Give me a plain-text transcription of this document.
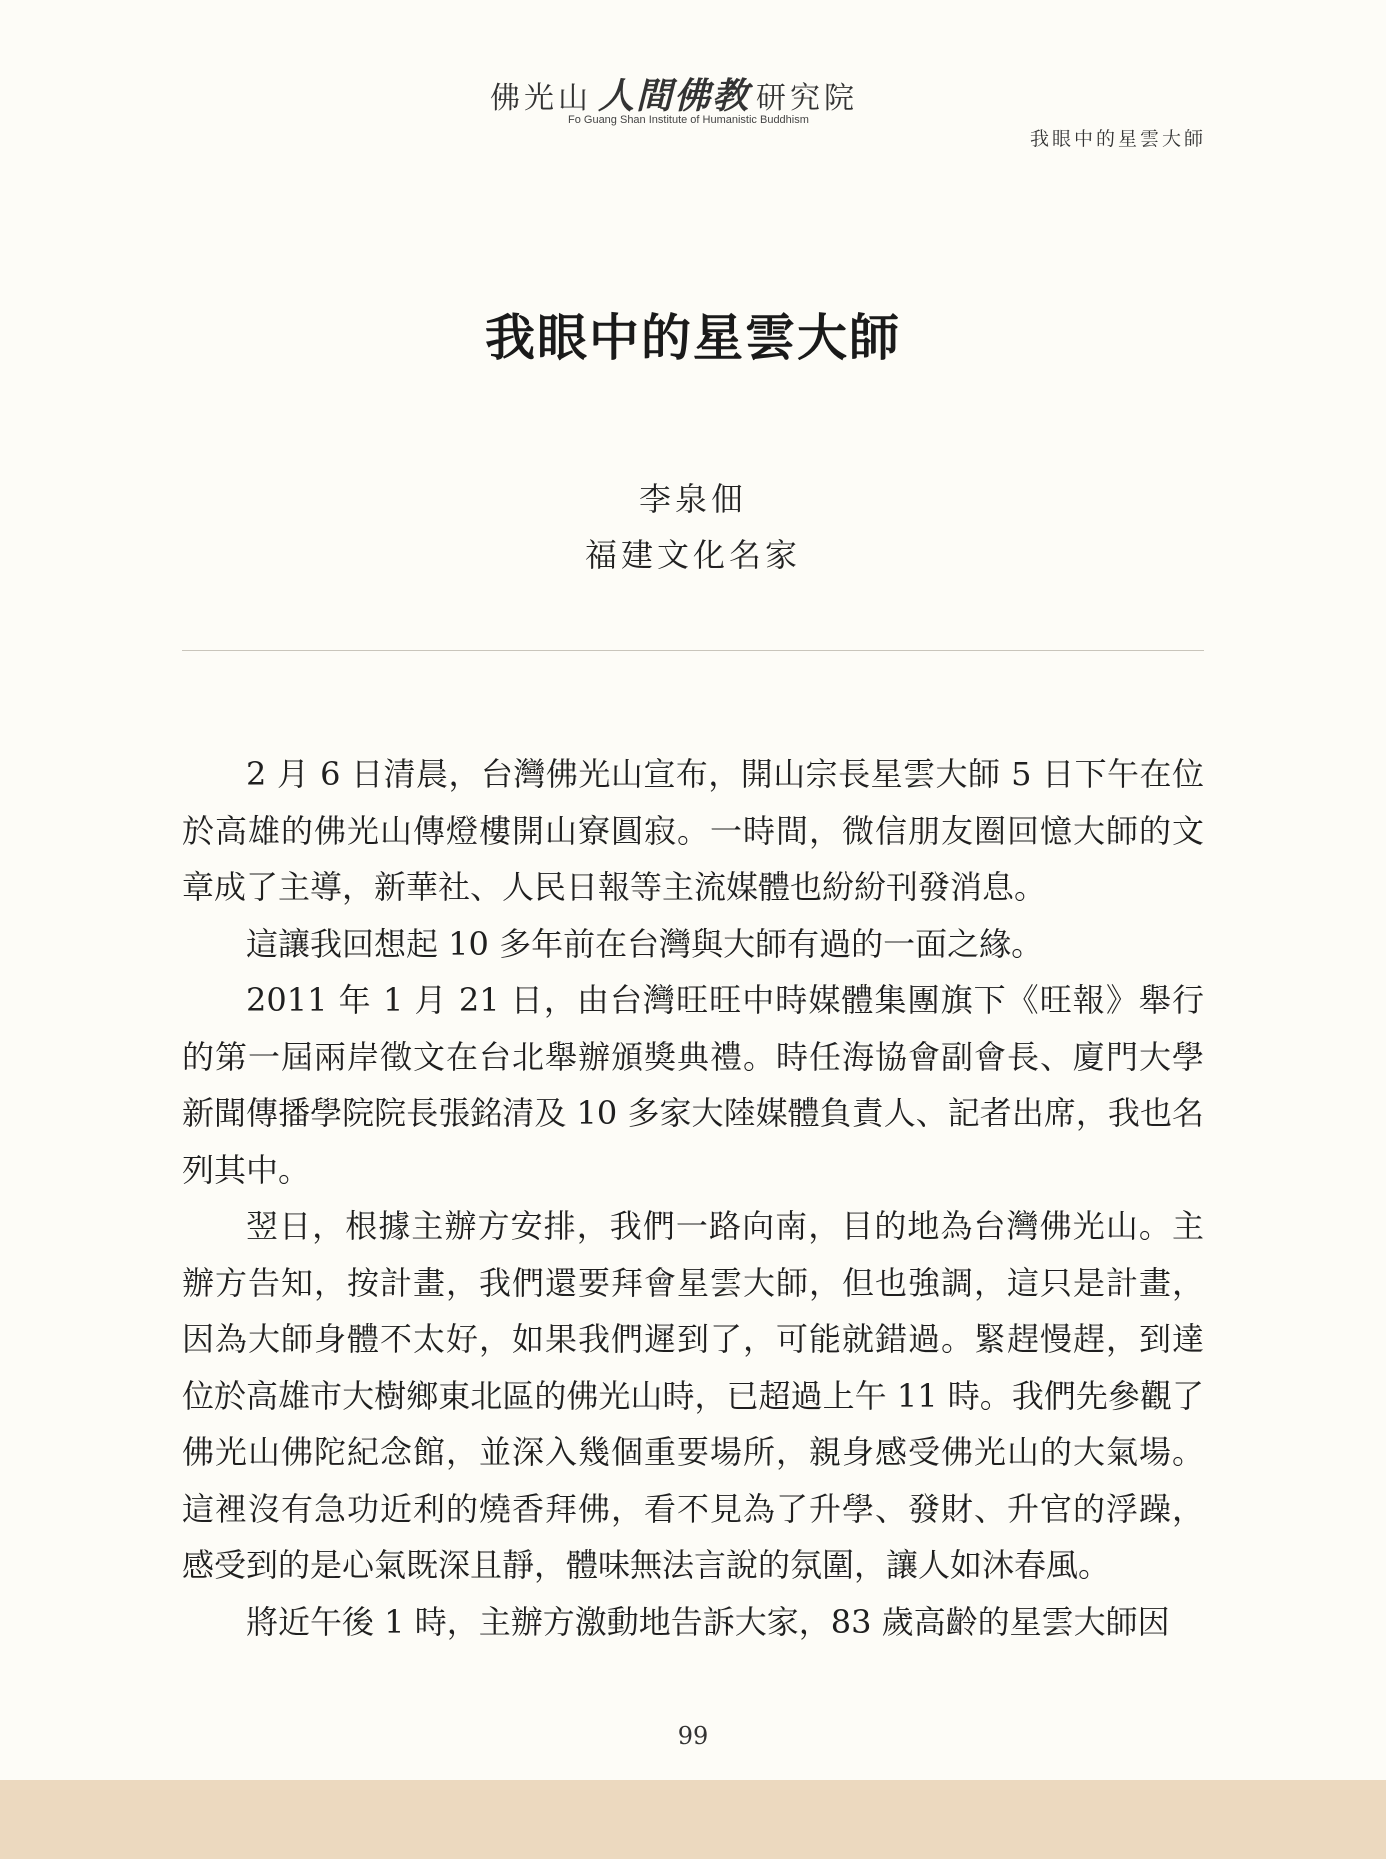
佛光山 人間佛教 研究院
Fo Guang Shan Institute of Humanistic Buddhism
我眼中的星雲大師
我眼中的星雲大師
李泉佃
福建文化名家

2 月 6 日清晨，台灣佛光山宣布，開山宗長星雲大師 5 日下午在位於高雄的佛光山傳燈樓開山寮圓寂。一時間，微信朋友圈回憶大師的文章成了主導，新華社、人民日報等主流媒體也紛紛刊發消息。

這讓我回想起 10 多年前在台灣與大師有過的一面之緣。

2011 年 1 月 21 日，由台灣旺旺中時媒體集團旗下《旺報》舉行的第一屆兩岸徵文在台北舉辦頒獎典禮。時任海協會副會長、廈門大學新聞傳播學院院長張銘清及 10 多家大陸媒體負責人、記者出席，我也名列其中。

翌日，根據主辦方安排，我們一路向南，目的地為台灣佛光山。主辦方告知，按計畫，我們還要拜會星雲大師，但也強調，這只是計畫，因為大師身體不太好，如果我們遲到了，可能就錯過。緊趕慢趕，到達位於高雄市大樹鄉東北區的佛光山時，已超過上午 11 時。我們先參觀了佛光山佛陀紀念館，並深入幾個重要場所，親身感受佛光山的大氣場。這裡沒有急功近利的燒香拜佛，看不見為了升學、發財、升官的浮躁，感受到的是心氣既深且靜，體味無法言說的氛圍，讓人如沐春風。

將近午後 1 時，主辦方激動地告訴大家，83 歲高齡的星雲大師因

99
